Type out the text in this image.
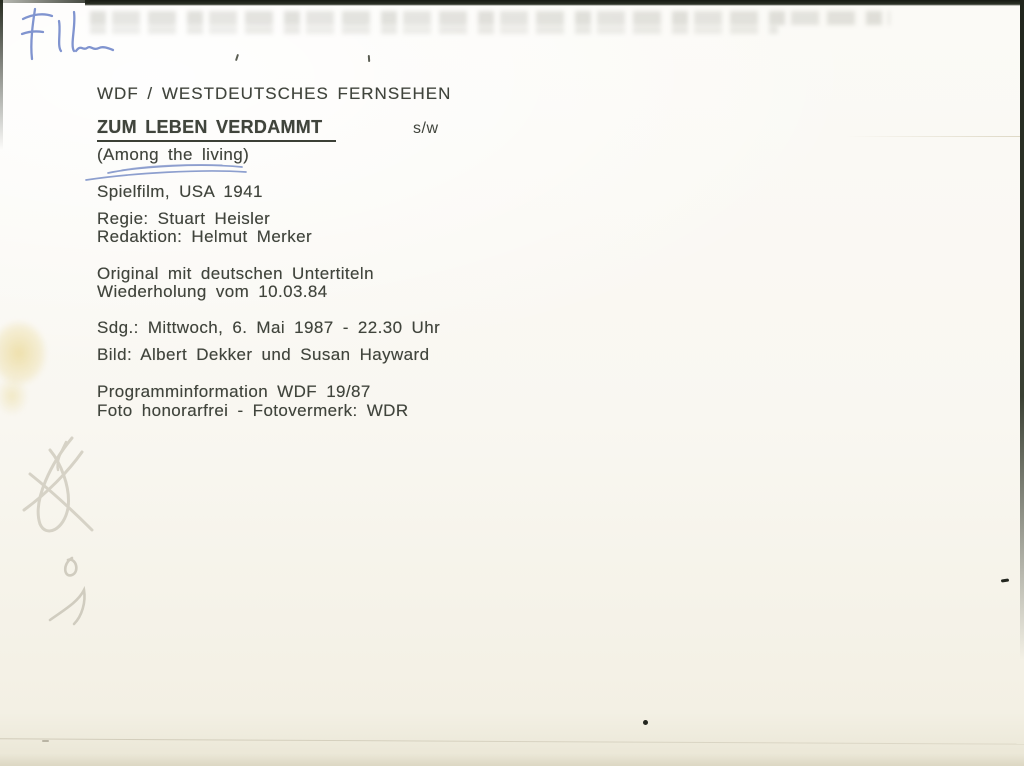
WDF / WESTDEUTSCHES FERNSEHEN
ZUM LEBEN VERDAMMT	s/w
(Among the living)
Spielfilm, USA 1941
Regie: Stuart Heisler
Redaktion: Helmut Merker
Original mit deutschen Untertiteln
Wiederholung vom 10.03.84
Sdg.: Mittwoch, 6. Mai 1987 - 22.30 Uhr
Bild: Albert Dekker und Susan Hayward
Programminformation WDF 19/87
Foto honorarfrei - Fotovermerk: WDR
